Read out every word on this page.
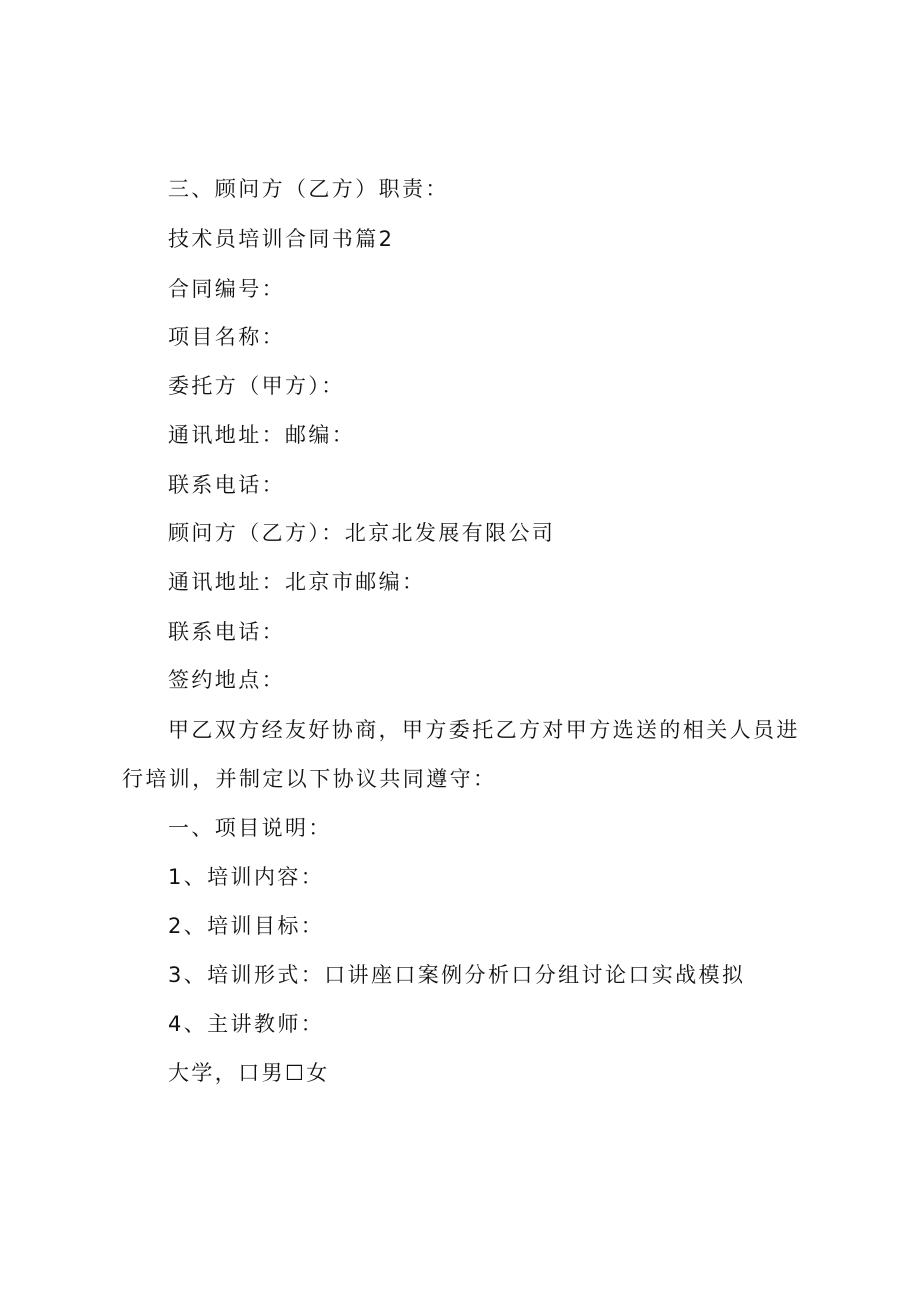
三、顾问方（乙方）职责：
技术员培训合同书篇2
合同编号：
项目名称：
委托方（甲方）：
通讯地址：邮编：
联系电话：
顾问方（乙方）：北京北发展有限公司
通讯地址：北京市邮编：
联系电话：
签约地点：
甲乙双方经友好协商，甲方委托乙方对甲方选送的相关人员进
行培训，并制定以下协议共同遵守：
一、项目说明：
1、培训内容：
2、培训目标：
3、培训形式：口讲座口案例分析口分组讨论口实战模拟
4、主讲教师：
大学，口男☐女
